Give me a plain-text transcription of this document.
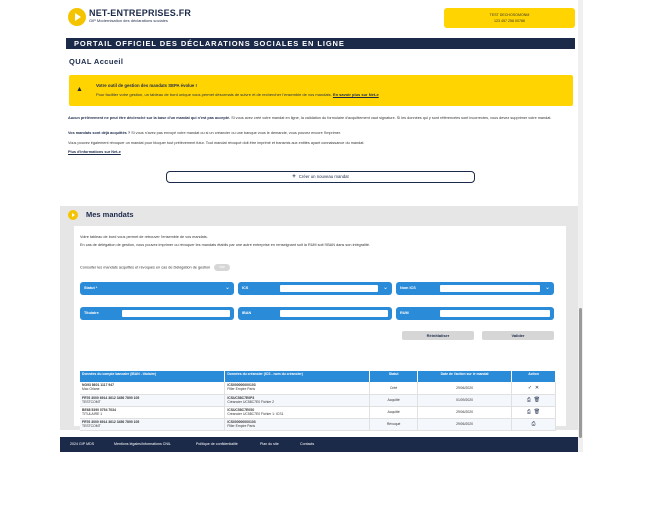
NET-ENTREPRISES.FR
GIP Modernisation des déclarations sociales
TEST DECHOSOMONM
123 457 258 00786
PORTAIL OFFICIEL DES DÉCLARATIONS SOCIALES EN LIGNE
QUAL Accueil
▲
Votre outil de gestion des mandats SEPA évolue !
Pour faciliter votre gestion, un tableau de bord unique vous permet désormais de suivre et de rechercher l'ensemble de vos mandats. En savoir plus sur Net-e
Aucun prélèvement ne peut être déclenché sur la base d'un mandat qui n'est pas accepté. Si vous avez créé votre mandat en ligne, la validation du formulaire d'acquittement vaut signature. Si les données qui y sont référencées sont incorrectes, vous devez supprimer votre mandat.
Vos mandats sont déjà acquittés ? Si vous n'avez pas envoyé votre mandat ou si un créancier ou une banque vous le demande, vous pouvez encore l'imprimer.
Vous pouvez également révoquer un mandat pour bloquer tout prélèvement futur. Tout mandat révoqué doit être imprimé et transmis aux entités ayant connaissance du mandat.
Plus d'informations sur Net-e
+ Créer un nouveau mandat
Mes mandats
Votre tableau de bord vous permet de retrouver l'ensemble de vos mandats.
En cas de délégation de gestion, vous pouvez imprimer ou révoquer les mandats établis par une autre entreprise en renseignant soit la RUM soit l'IBAN dans son intégralité.
Consulter les mandats acquittés et révoqués en cas de Délégation de gestion	Non
Statut *	⌄	ICS	⌄	Nom ICS	⌄
Titulaire	IBAN	RUM
Réinitialiser	Valider
Données du compte bancaire (IBAN - titulaire)	Données du créancier (ICS - nom du créancier)	Statut	Date de l'action sur le mandat	Action
NO93 8601 1117 947
Mac Orlane	ICS000000000103
Filler Empire Paris	Créé	29/06/2020	✓ ✕
FR76 3000 6914 3612 3456 7890 105
TESTCOMT	ICSUC58C7E0P3
Créancier UC58C7E0 Fichier 2	Acquitté	01/09/2020	⎙ 🗑
BE68 5390 0754 7034
TITULAIRE 1	ICSUC58C7E0S0
Créancier UC58C7E0 Fichier 1: ICS1	Acquitté	29/06/2020	⎙ 🗑
FR76 3000 6914 3612 3456 7890 105
TESTCOMT	ICS000000000103
Filler Empire Paris	Révoqué	29/06/2020	⎙
2024 GIP MDS	Mentions légales/Informations CNIL	Politique de confidentialité	Plan du site	Contacts
